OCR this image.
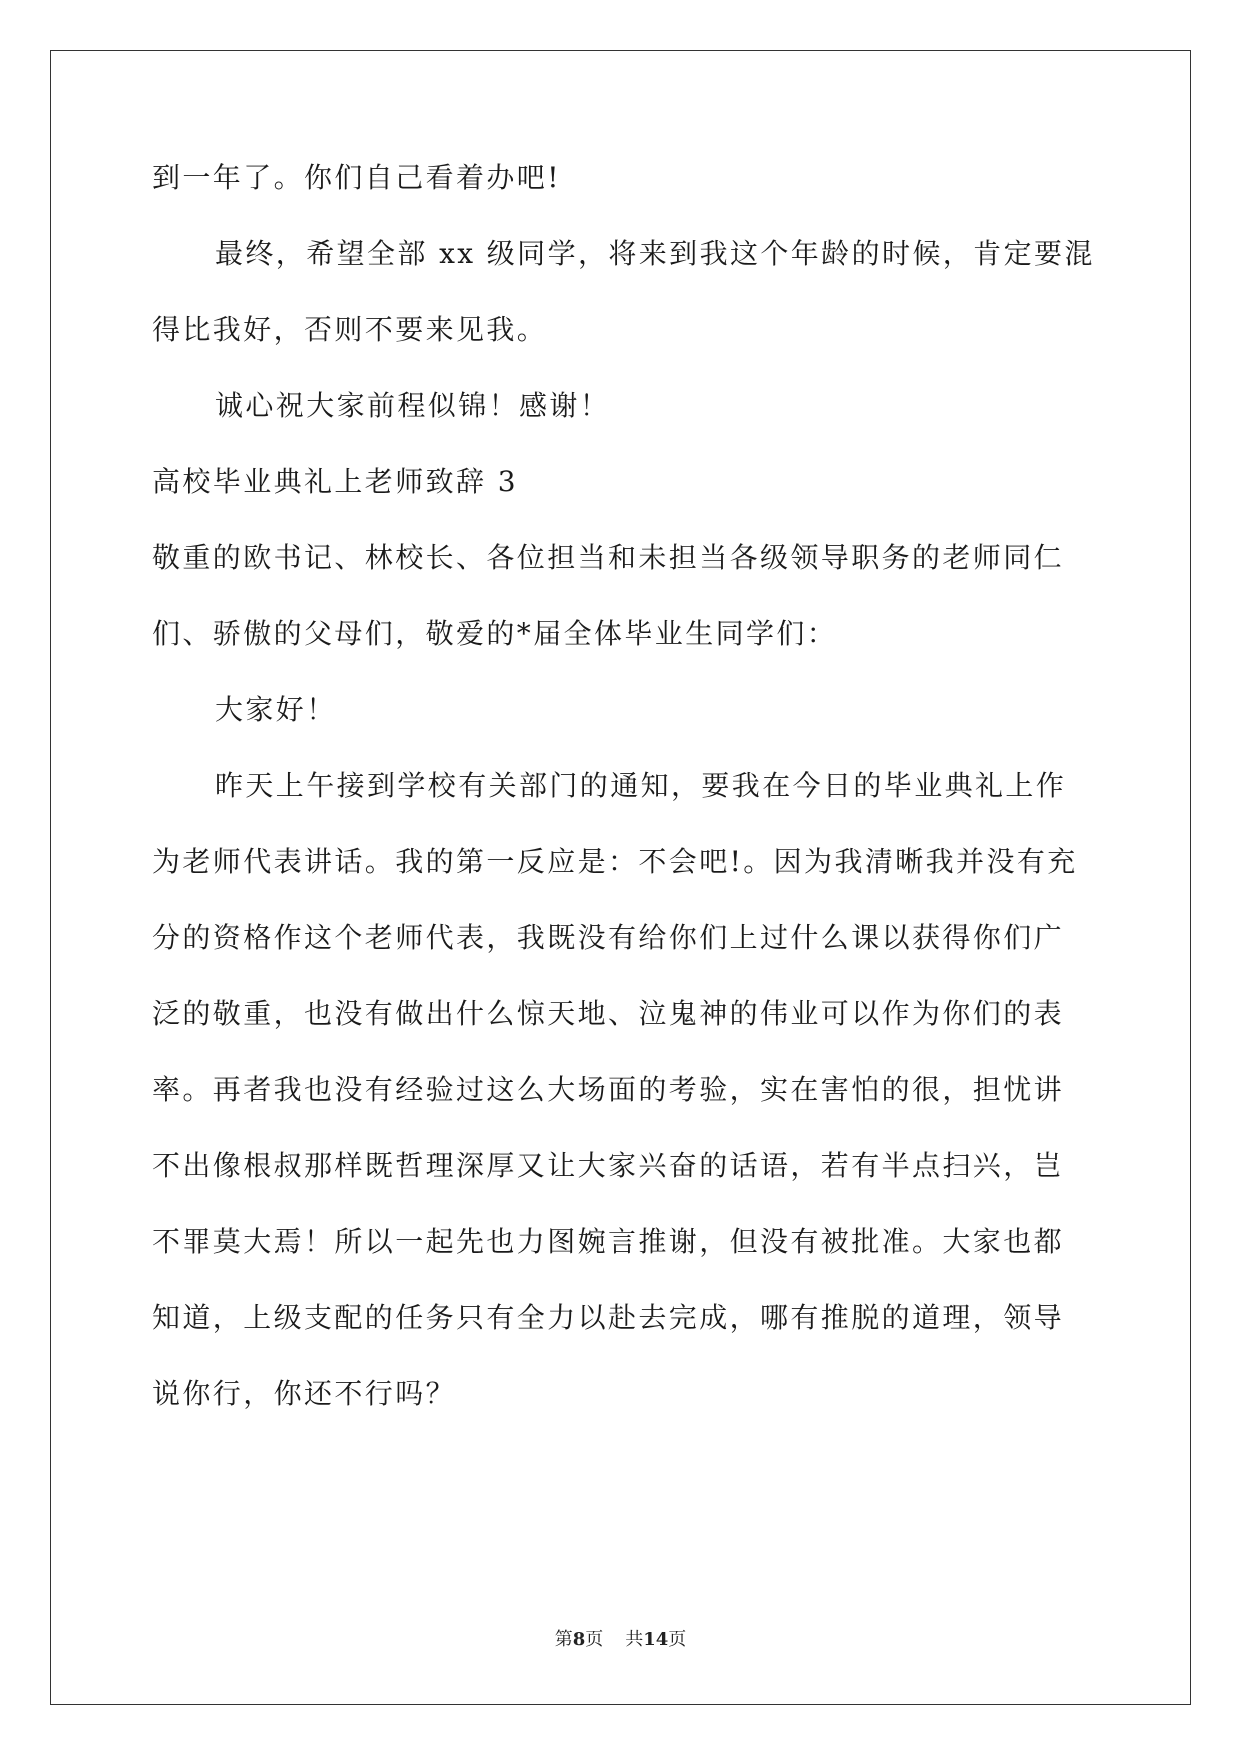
到一年了。你们自己看着办吧!
最终，希望全部 xx 级同学，将来到我这个年龄的时候，肯定要混
得比我好，否则不要来见我。
诚心祝大家前程似锦！感谢！
高校毕业典礼上老师致辞 3
敬重的欧书记、林校长、各位担当和未担当各级领导职务的老师同仁
们、骄傲的父母们，敬爱的*届全体毕业生同学们：
大家好！
昨天上午接到学校有关部门的通知，要我在今日的毕业典礼上作
为老师代表讲话。我的第一反应是：不会吧!。因为我清晰我并没有充
分的资格作这个老师代表，我既没有给你们上过什么课以获得你们广
泛的敬重，也没有做出什么惊天地、泣鬼神的伟业可以作为你们的表
率。再者我也没有经验过这么大场面的考验，实在害怕的很，担忧讲
不出像根叔那样既哲理深厚又让大家兴奋的话语，若有半点扫兴，岂
不罪莫大焉！所以一起先也力图婉言推谢，但没有被批准。大家也都
知道，上级支配的任务只有全力以赴去完成，哪有推脱的道理，领导
说你行，你还不行吗？
第8页 共14页
